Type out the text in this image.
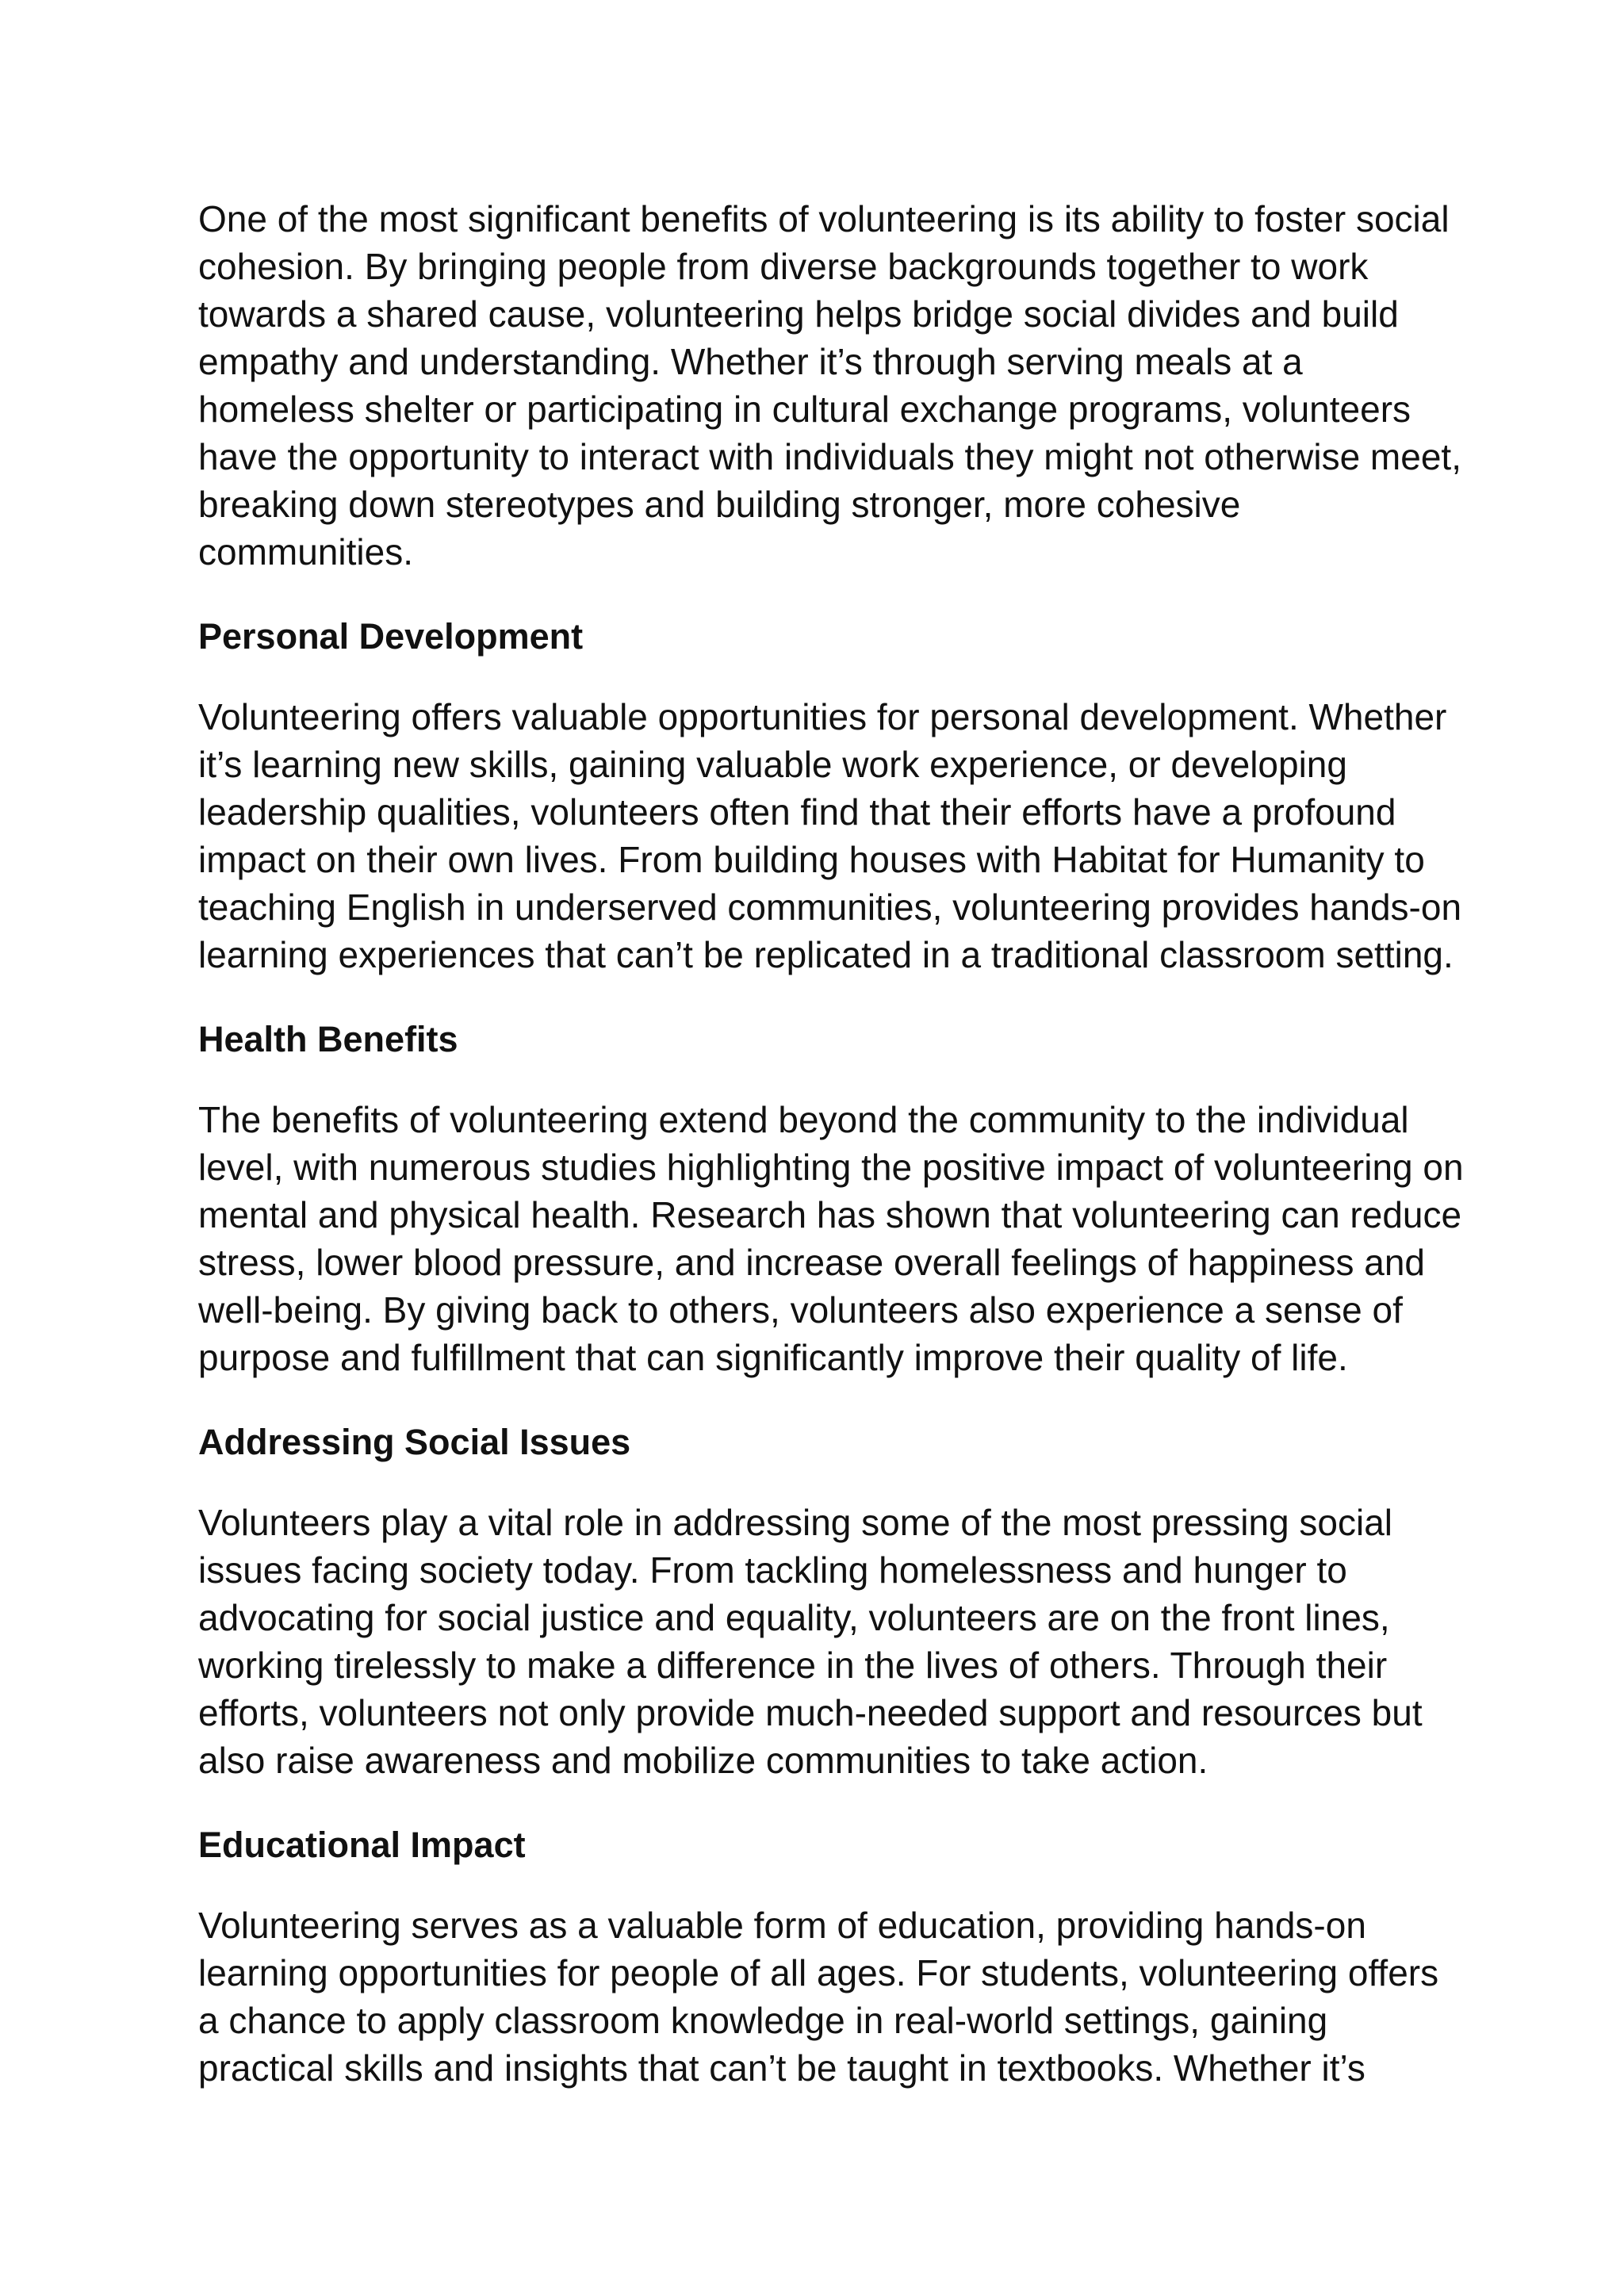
One of the most significant benefits of volunteering is its ability to foster social
cohesion. By bringing people from diverse backgrounds together to work
towards a shared cause, volunteering helps bridge social divides and build
empathy and understanding. Whether it’s through serving meals at a
homeless shelter or participating in cultural exchange programs, volunteers
have the opportunity to interact with individuals they might not otherwise meet,
breaking down stereotypes and building stronger, more cohesive
communities.

Personal Development

Volunteering offers valuable opportunities for personal development. Whether
it’s learning new skills, gaining valuable work experience, or developing
leadership qualities, volunteers often find that their efforts have a profound
impact on their own lives. From building houses with Habitat for Humanity to
teaching English in underserved communities, volunteering provides hands-on
learning experiences that can’t be replicated in a traditional classroom setting.

Health Benefits

The benefits of volunteering extend beyond the community to the individual
level, with numerous studies highlighting the positive impact of volunteering on
mental and physical health. Research has shown that volunteering can reduce
stress, lower blood pressure, and increase overall feelings of happiness and
well-being. By giving back to others, volunteers also experience a sense of
purpose and fulfillment that can significantly improve their quality of life.

Addressing Social Issues

Volunteers play a vital role in addressing some of the most pressing social
issues facing society today. From tackling homelessness and hunger to
advocating for social justice and equality, volunteers are on the front lines,
working tirelessly to make a difference in the lives of others. Through their
efforts, volunteers not only provide much-needed support and resources but
also raise awareness and mobilize communities to take action.

Educational Impact

Volunteering serves as a valuable form of education, providing hands-on
learning opportunities for people of all ages. For students, volunteering offers
a chance to apply classroom knowledge in real-world settings, gaining
practical skills and insights that can’t be taught in textbooks. Whether it’s
